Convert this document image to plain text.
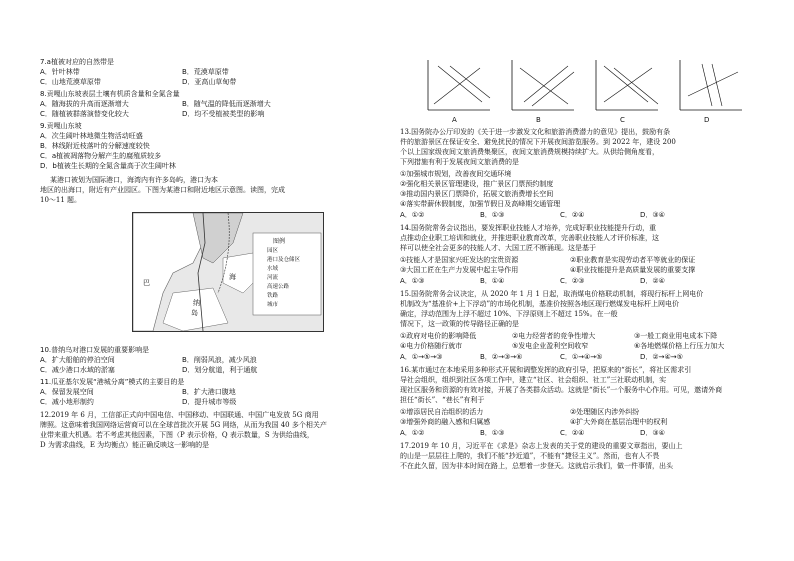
7.a植被对应的自然带是
A．针叶林带	B．荒漠草原带
C．山地荒漠草原带	D．亚高山草甸带
8.贡嘎山东坡表层土壤有机质含量和全氮含量
A．随海拔的升高而逐渐增大	B．随气温的降低而逐渐增大
C．随植被群落演替变化较大	D．均不受植被类型的影响
9.贡嘎山东坡
A．次生阔叶林地微生物活动旺盛
B．林线附近枝落叶的分解速度较快
C．a植被凋落物分解产生的腐殖质较多
D．b植被生长期的全氮含量高于次生阔叶林
某港口被划为国际港口，海湾内有许多岛屿，港口为本
地区的出海口，附近有产业园区。下图为某港口和附近地区示意图。读图，完成
10～11 题。
图例
园区
港口及仓储区
水域
河流
高速公路
铁路
城市
岛
海
巴
纳
10.普纳乌对港口发展的重要影响是
A．扩大船舶的停泊空间	B．削弱风浪，减少风浪
C．减少港口水域的淤塞	D．划分航道，利于通航
11.瓜亚基尔发展“港城分离”模式的主要目的是
A．保留发展空间	B．扩大港口腹地
C．减小地形制约	D．提升城市等级
12.2019 年 6 月，工信部正式向中国电信、中国移动、中国联通、中国广电发放 5G 商用
牌照。这意味着我国网络运营商可以在全球首批次开展 5G 网络，从而为我国 40 多个相关产
业带来重大机遇。若不考虑其他因素，下图（P 表示价格，Q 表示数量，S 为供给曲线，
D 为需求曲线，E 为均衡点）能正确反映这一影响的是
A	B	C	D
13.国务院办公厅印发的《关于进一步激发文化和旅游消费潜力的意见》提出，鼓励有条
件的旅游景区在保证安全、避免扰民的情况下开展夜间游览服务。到 2022 年，建设 200
个以上国家级夜间文旅消费集聚区，夜间文旅消费规模持续扩大。从供给侧角度看，
下列措施有利于发展夜间文旅消费的是
①加强城市规划，改善夜间交通环境
②强化相关景区管理建设，推广景区门票预约制度
③推动国内景区门票降价，拓展文旅消费增长空间
④落实带薪休假制度，加强节假日及高峰期交通管理
A．①②	B．①③	C．②④	D．③④
14.国务院常务会议指出，要发挥职业技能人才培养，完成好职业技能提升行动，重
点推动企业职工培训和就业，并推进职业教育改革，完善职业技能人才评价标准，这
样可以使全社会更多的技能人才、大国工匠不断涌现。这是基于
①技能人才是国家兴旺发达的宝贵资源	②职业教育是实现劳动者平等就业的保证
③大国工匠在生产力发展中起主导作用	④职业技能提升是高质量发展的重要支撑
A．①③	B．①④	C．②③	D．②④
15.国务院常务会议决定，从 2020 年 1 月 1 日起，取消煤电价格联动机制，将现行标杆上网电价
机制改为“基准价+上下浮动”的市场化机制，基准价按照各地区现行燃煤发电标杆上网电价
确定，浮动范围为上浮不超过 10%、下浮原则上不超过 15%。在一般
情况下，这一政策的传导路径正确的是
①政府对电价的影响降低	②电力经营者的竞争性增大	③一般工商业用电成本下降
④电力价格随行就市	⑤发电企业盈利空间收窄	⑥各地燃煤价格上行压力加大
A．①→⑤→③	B．②→③→⑥	C．①→④→⑤	D．②→④→⑤
16.某市通过在本地采用多种形式开展和调整发挥的政府引导，把原来的“街长”，将社区需求引
导社会组织，组织到社区各项工作中，建立“社区、社会组织、社工”三社联动机制，实
现社区服务和资源的有效对接，开展了各类群众活动。这就是“街长”一个服务中心作用。可见，邀请外商
担任“街长”、“巷长”有利于
①增添居民自治组织的活力	②处理随区内涉外纠纷
③增强外商的融入感和归属感	④扩大外商在基层治理中的权利
A．①②	B．①③	C．②④	D．③④
17.2019 年 10 月，习近平在《求是》杂志上发表的关于党的建设的重要文章指出，要山上
的山是一层层往上爬的，我们不能“抄近道”，不能有“捷径主义”。然而，也有人不畏
不在此久留，因为非本时间在路上，总想着一步登天。这就启示我们，做一件事情，出头
